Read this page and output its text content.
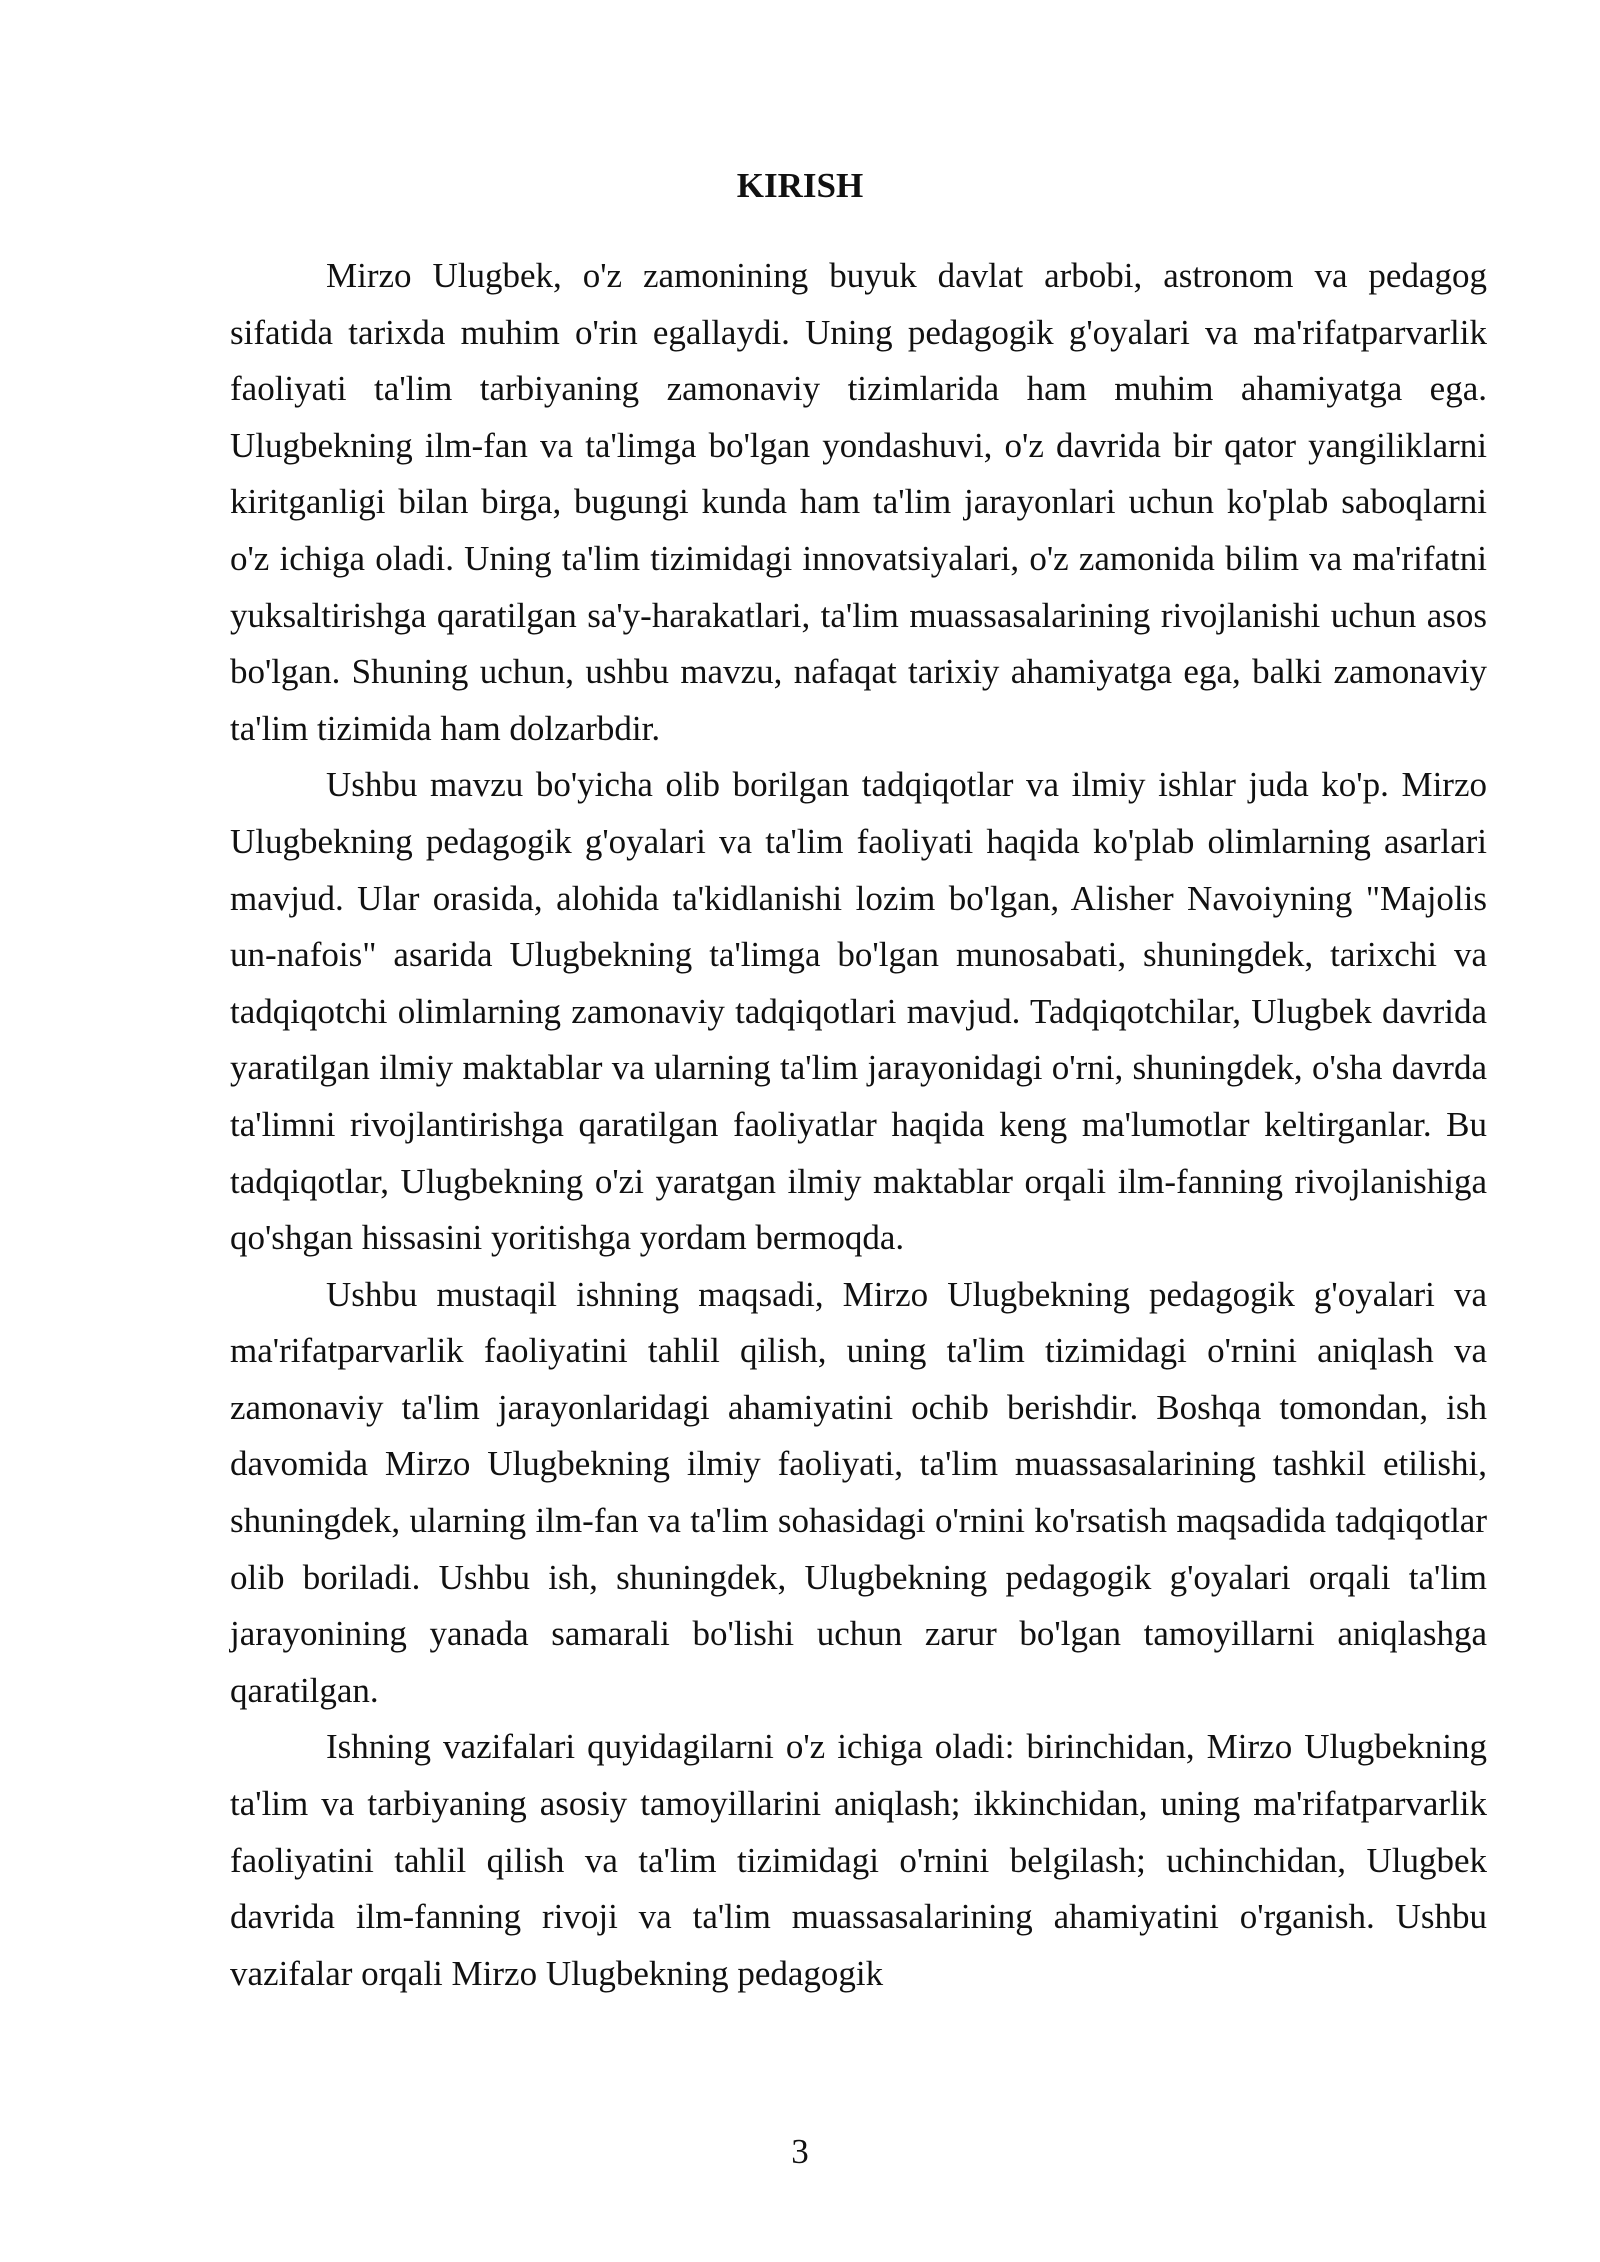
KIRISH

Mirzo Ulugbek, o'z zamonining buyuk davlat arbobi, astronom va pedagog sifatida tarixda muhim o'rin egallaydi. Uning pedagogik g'oyalari va ma'rifatparvarlik faoliyati ta'lim tarbiyaning zamonaviy tizimlarida ham muhim ahamiyatga ega. Ulugbekning ilm-fan va ta'limga bo'lgan yondashuvi, o'z davrida bir qator yangiliklarni kiritganligi bilan birga, bugungi kunda ham ta'lim jarayonlari uchun ko'plab saboqlarni o'z ichiga oladi. Uning ta'lim tizimidagi innovatsiyalari, o'z zamonida bilim va ma'rifatni yuksaltirishga qaratilgan sa'y-harakatlari, ta'lim muassasalarining rivojlanishi uchun asos bo'lgan. Shuning uchun, ushbu mavzu, nafaqat tarixiy ahamiyatga ega, balki zamonaviy ta'lim tizimida ham dolzarbdir.

Ushbu mavzu bo'yicha olib borilgan tadqiqotlar va ilmiy ishlar juda ko'p. Mirzo Ulugbekning pedagogik g'oyalari va ta'lim faoliyati haqida ko'plab olimlarning asarlari mavjud. Ular orasida, alohida ta'kidlanishi lozim bo'lgan, Alisher Navoiyning "Majolis un-nafois" asarida Ulugbekning ta'limga bo'lgan munosabati, shuningdek, tarixchi va tadqiqotchi olimlarning zamonaviy tadqiqotlari mavjud. Tadqiqotchilar, Ulugbek davrida yaratilgan ilmiy maktablar va ularning ta'lim jarayonidagi o'rni, shuningdek, o'sha davrda ta'limni rivojlantirishga qaratilgan faoliyatlar haqida keng ma'lumotlar keltirganlar. Bu tadqiqotlar, Ulugbekning o'zi yaratgan ilmiy maktablar orqali ilm-fanning rivojlanishiga qo'shgan hissasini yoritishga yordam bermoqda.

Ushbu mustaqil ishning maqsadi, Mirzo Ulugbekning pedagogik g'oyalari va ma'rifatparvarlik faoliyatini tahlil qilish, uning ta'lim tizimidagi o'rnini aniqlash va zamonaviy ta'lim jarayonlaridagi ahamiyatini ochib berishdir. Boshqa tomondan, ish davomida Mirzo Ulugbekning ilmiy faoliyati, ta'lim muassasalarining tashkil etilishi, shuningdek, ularning ilm-fan va ta'lim sohasidagi o'rnini ko'rsatish maqsadida tadqiqotlar olib boriladi. Ushbu ish, shuningdek, Ulugbekning pedagogik g'oyalari orqali ta'lim jarayonining yanada samarali bo'lishi uchun zarur bo'lgan tamoyillarni aniqlashga qaratilgan.

Ishning vazifalari quyidagilarni o'z ichiga oladi: birinchidan, Mirzo Ulugbekning ta'lim va tarbiyaning asosiy tamoyillarini aniqlash; ikkinchidan, uning ma'rifatparvarlik faoliyatini tahlil qilish va ta'lim tizimidagi o'rnini belgilash; uchinchidan, Ulugbek davrida ilm-fanning rivoji va ta'lim muassasalarining ahamiyatini o'rganish. Ushbu vazifalar orqali Mirzo Ulugbekning pedagogik

3
